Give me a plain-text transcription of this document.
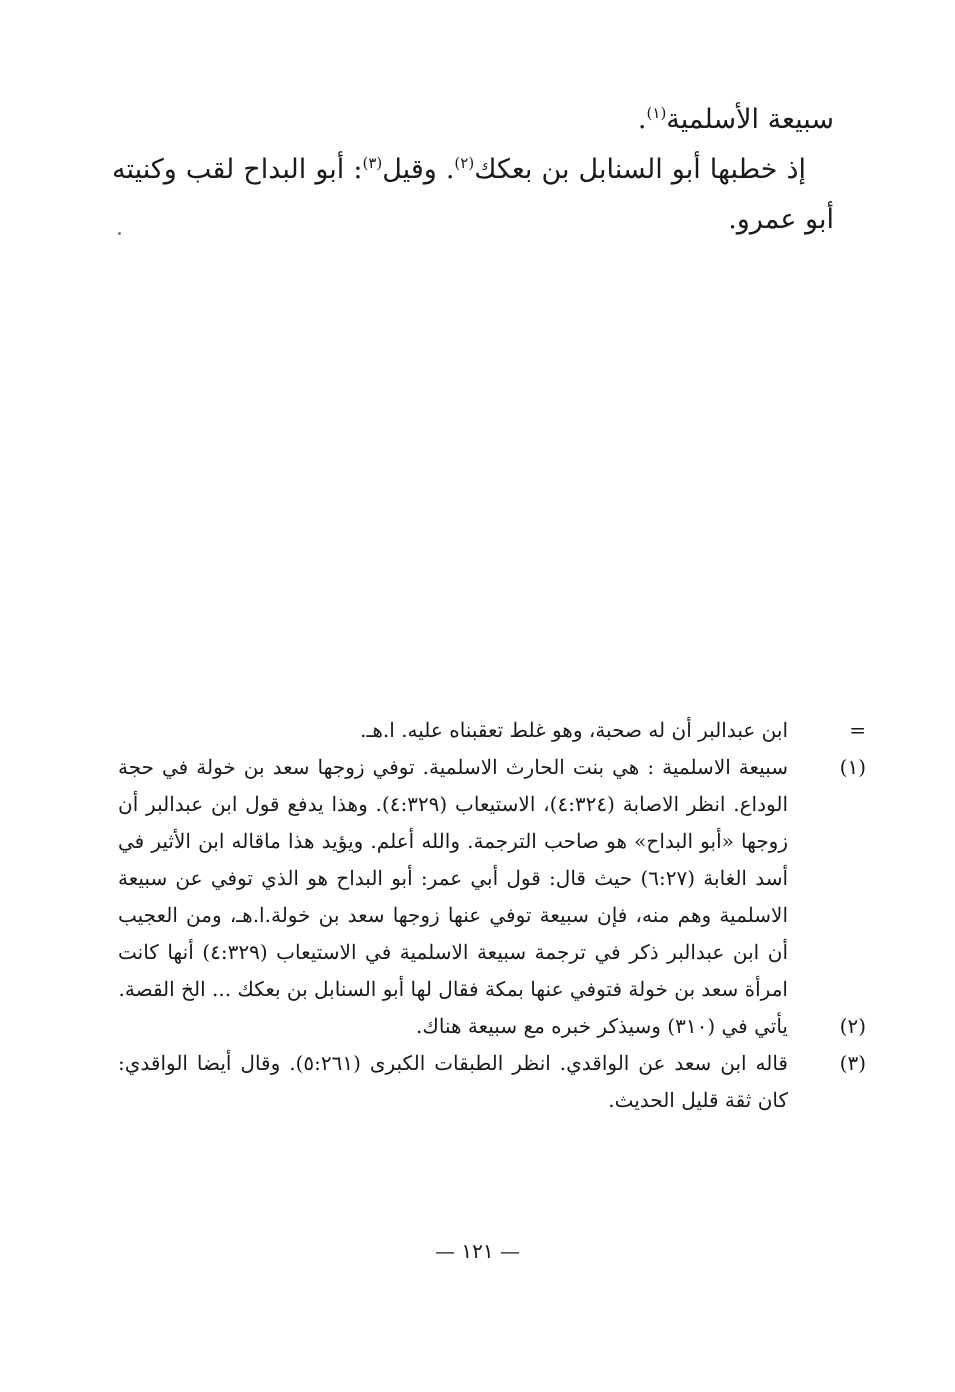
سبيعة الأسلمية$^{(١)}$.

إذ خطبها أبو السنابل بن بعكك$^{(٢)}$. وقيل$^{(٣)}$: أبو البداح لقب وكنيته أبو عمرو.

=
ابن عبدالبر أن له صحبة، وهو غلط تعقبناه عليه. ا.هـ.
(١)
سبيعة الاسلمية : هي بنت الحارث الاسلمية. توفي زوجها سعد بن خولة في حجة الوداع. انظر الاصابة (٤:٣٢٤)، الاستيعاب (٤:٣٢٩). وهذا يدفع قول ابن عبدالبر أن زوجها «أبو البداح» هو صاحب الترجمة. والله أعلم. ويؤيد هذا ماقاله ابن الأثير في أسد الغابة (٦:٢٧) حيث قال: قول أبي عمر: أبو البداح هو الذي توفي عن سبيعة الاسلمية وهم منه، فإن سبيعة توفي عنها زوجها سعد بن خولة.ا.هـ، ومن العجيب أن ابن عبدالبر ذكر في ترجمة سبيعة الاسلمية في الاستيعاب (٤:٣٢٩) أنها كانت امرأة سعد بن خولة فتوفي عنها بمكة فقال لها أبو السنابل بن بعكك ... الخ القصة.
(٢)
يأتي في (٣١٠) وسيذكر خبره مع سبيعة هناك.
(٣)
قاله ابن سعد عن الواقدي. انظر الطبقات الكبرى (٥:٢٦١). وقال أيضا الواقدي: كان ثقة قليل الحديث.
— ١٢١ —
